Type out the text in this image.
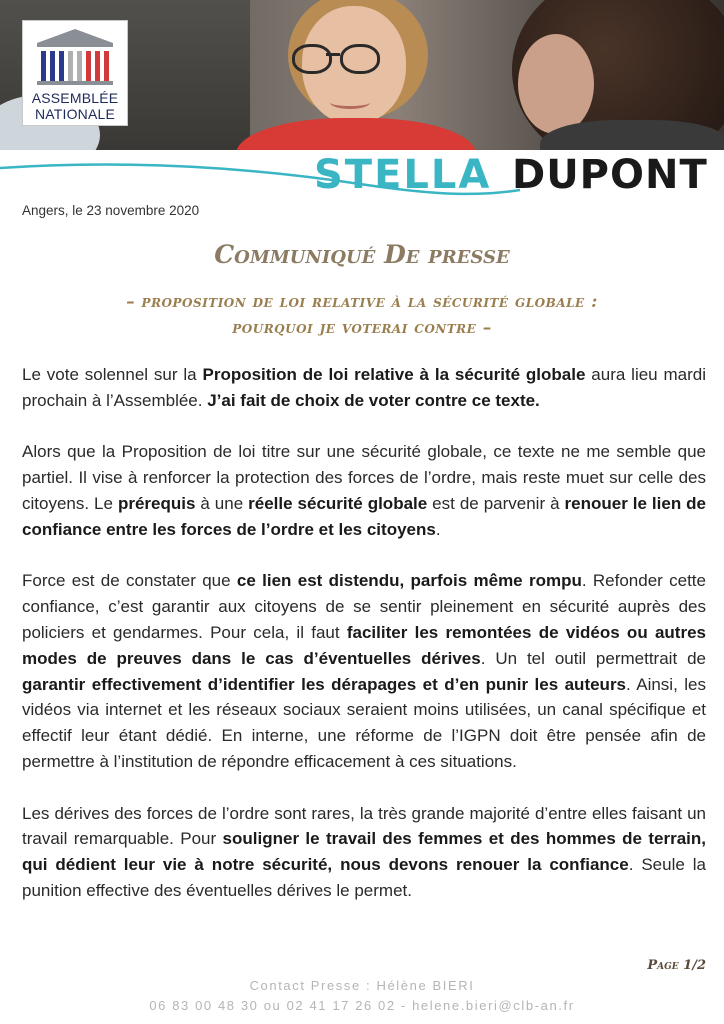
ASSEMBLÉE
NATIONALE
STELLA DUPONT
Angers, le 23 novembre 2020
Communiqué De presse
– proposition de loi relative à la sécurité globale :
pourquoi je voterai contre –

Le vote solennel sur la Proposition de loi relative à la sécurité globale aura lieu mardi prochain à l’Assemblée. J’ai fait de choix de voter contre ce texte.

Alors que la Proposition de loi titre sur une sécurité globale, ce texte ne me semble que partiel. Il vise à renforcer la protection des forces de l’ordre, mais reste muet sur celle des citoyens. Le prérequis à une réelle sécurité globale est de parvenir à renouer le lien de confiance entre les forces de l’ordre et les citoyens.

Force est de constater que ce lien est distendu, parfois même rompu. Refonder cette confiance, c’est garantir aux citoyens de se sentir pleinement en sécurité auprès des policiers et gendarmes. Pour cela, il faut faciliter les remontées de vidéos ou autres modes de preuves dans le cas d’éventuelles dérives. Un tel outil permettrait de garantir effectivement d’identifier les dérapages et d’en punir les auteurs. Ainsi, les vidéos via internet et les réseaux sociaux seraient moins utilisées, un canal spécifique et effectif leur étant dédié. En interne, une réforme de l’IGPN doit être pensée afin de permettre à l’institution de répondre efficacement à ces situations.

Les dérives des forces de l’ordre sont rares, la très grande majorité d’entre elles faisant un travail remarquable. Pour souligner le travail des femmes et des hommes de terrain, qui dédient leur vie à notre sécurité, nous devons renouer la confiance. Seule la punition effective des éventuelles dérives le permet.

Page 1/2
Contact Presse : Hélène BIERI
06 83 00 48 30 ou 02 41 17 26 02 - helene.bieri@clb-an.fr
